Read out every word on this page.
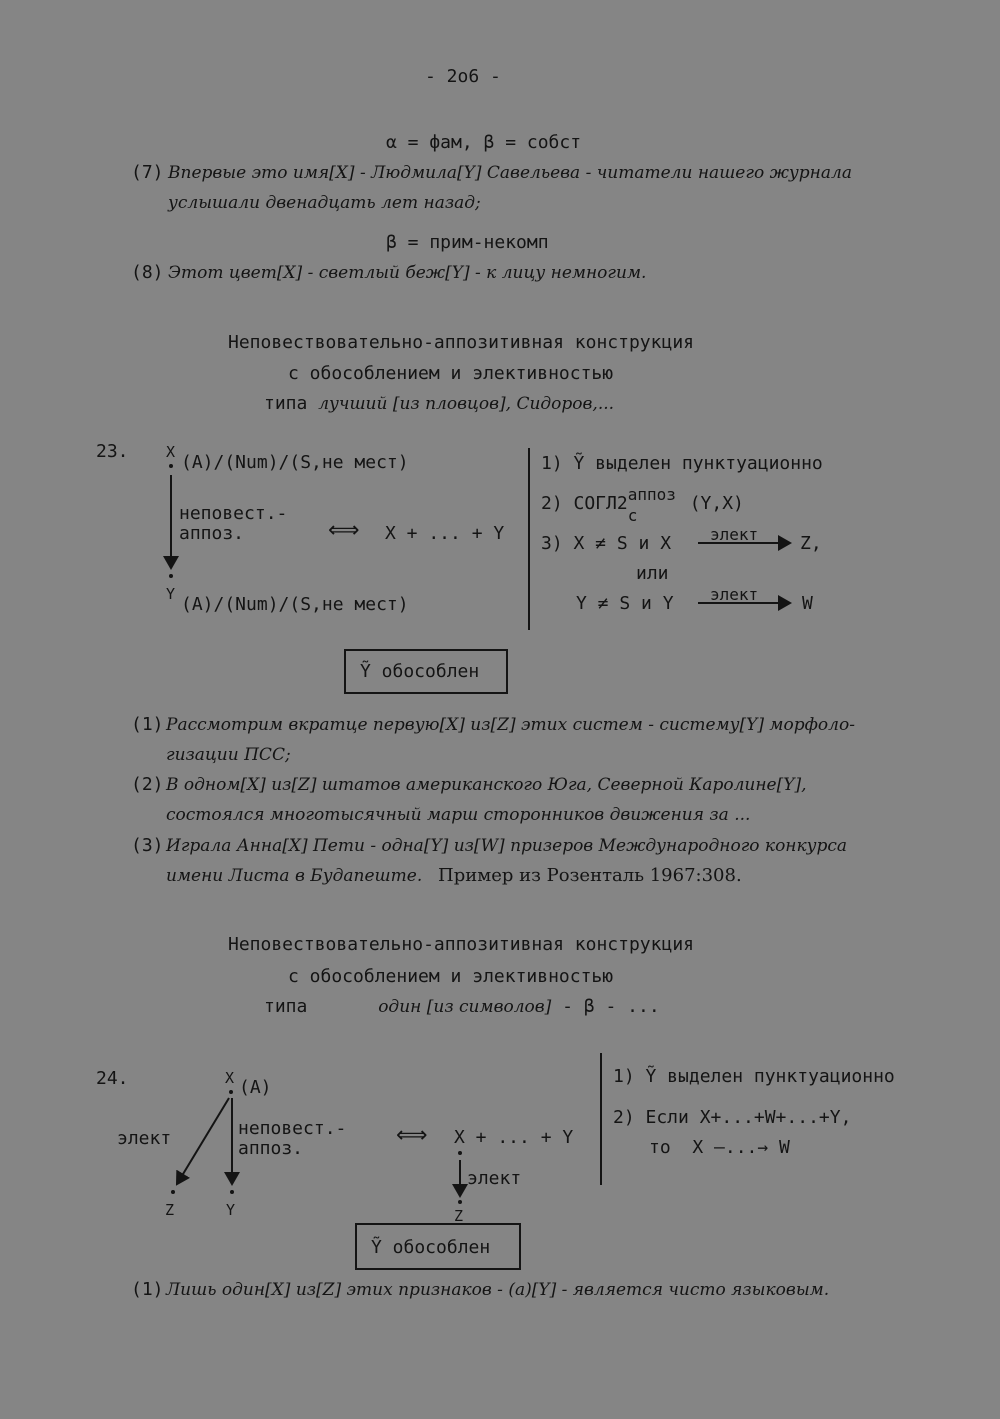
- 2o6 -
α = фам, β = собст
(7) Впервые это имя[X] - Людмила[Y] Савельева - читатели нашего журнала
услышали двенадцать лет назад;
β = прим-некомп
(8) Этот цвет[X] - светлый беж[Y] - к лицу немногим.
Неповествовательно-аппозитивная конструкция
с обособлением и элективностью
типа лучший [из пловцов], Сидоров,...
23. X (A)/(Num)/(S,не мест)
неповест.-
аппоз.	⟺ X + ... + Y
Y (A)/(Num)/(S,не мест)
1) Ỹ выделен пунктуационно
2) СОГЛ2 аппоз
с
(Y,X)
3) X ≠ S и X элект Z,
или
Y ≠ S и Y элект W
Ỹ обособлен
(1) Рассмотрим вкратце первую[X] из[Z] этих систем - систему[Y] морфоло-
гизации ПСС;
(2) В одном[X] из[Z] штатов американского Юга, Северной Каролине[Y],
состоялся многотысячный марш сторонников движения за ...
(3) Играла Анна[X] Пети - одна[Y] из[W] призеров Международного конкурса
имени Листа в Будапеште. Пример из Розенталь 1967:308.
Неповествовательно-аппозитивная конструкция
с обособлением и элективностью
типа	один [из символов] - β - ...
24.	X (A)
элект	неповест.-
аппоз.
Z	Y
⟺ X + ... + Y
элект
Z
1) Ỹ выделен пунктуационно
2) Если X+...+W+...+Y,
то  X —...→ W
Ỹ обособлен
(1) Лишь один[X] из[Z] этих признаков - (а)[Y] - является чисто языковым.
